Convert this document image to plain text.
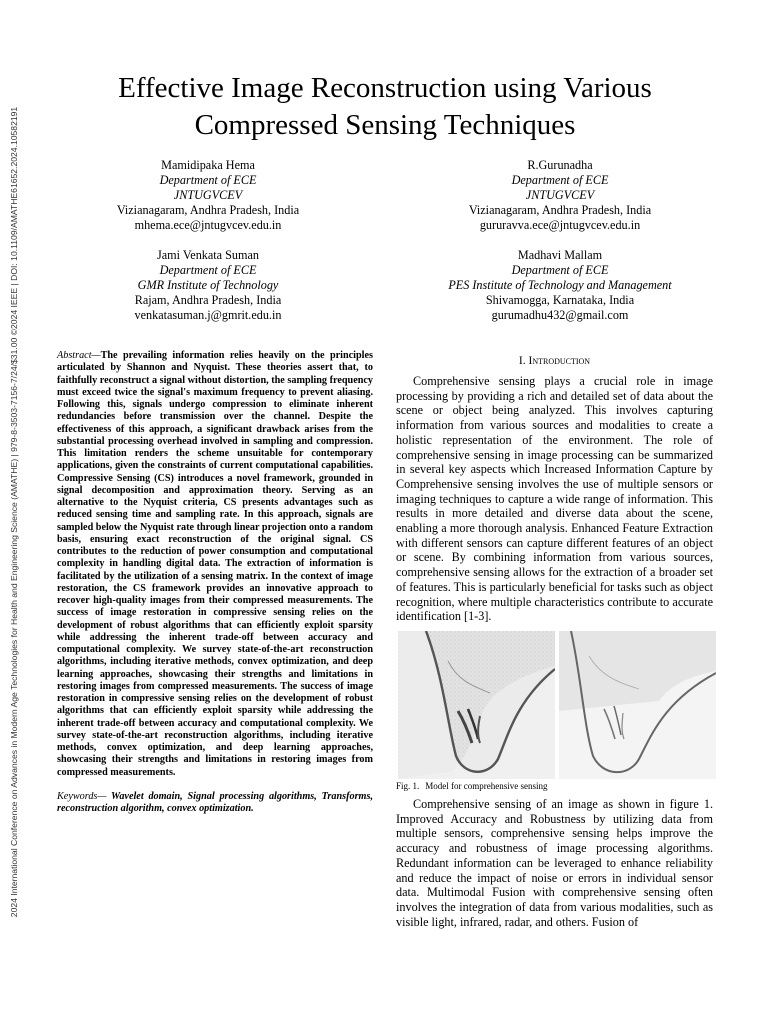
2024 International Conference on Advances in Modern Age Technologies for Health and Engineering Science (AMATHE) | 979-8-3503-7156-7/24/$31.00 ©2024 IEEE | DOI: 10.1109/AMATHE61652.2024.10582191
Effective Image Reconstruction using Various Compressed Sensing Techniques
Mamidipaka Hema
Department of ECE
JNTUGVCEV
Vizianagaram, Andhra Pradesh, India
mhema.ece@jntugvcev.edu.in
R.Gurunadha
Department of ECE
JNTUGVCEV
Vizianagaram, Andhra Pradesh, India
gururavva.ece@jntugvcev.edu.in
Jami Venkata Suman
Department of ECE
GMR Institute of Technology
Rajam, Andhra Pradesh, India
venkatasuman.j@gmrit.edu.in
Madhavi Mallam
Department of ECE
PES Institute of Technology and Management
Shivamogga, Karnataka, India
gurumadhu432@gmail.com

Abstract—The prevailing information relies heavily on the principles articulated by Shannon and Nyquist. These theories assert that, to faithfully reconstruct a signal without distortion, the sampling frequency must exceed twice the signal's maximum frequency to prevent aliasing. Following this, signals undergo compression to eliminate inherent redundancies before transmission over the channel. Despite the effectiveness of this approach, a significant drawback arises from the substantial processing overhead involved in sampling and compression. This limitation renders the scheme unsuitable for contemporary applications, given the constraints of current computational capabilities. Compressive Sensing (CS) introduces a novel framework, grounded in signal decomposition and approximation theory. Serving as an alternative to the Nyquist criteria, CS presents advantages such as reduced sensing time and sampling rate. In this approach, signals are sampled below the Nyquist rate through linear projection onto a random basis, ensuring exact reconstruction of the original signal. CS contributes to the reduction of power consumption and computational complexity in handling digital data. The extraction of information is facilitated by the utilization of a sensing matrix. In the context of image restoration, the CS framework provides an innovative approach to recover high-quality images from their compressed measurements. The success of image restoration in compressive sensing relies on the development of robust algorithms that can efficiently exploit sparsity while addressing the inherent trade-off between accuracy and computational complexity. We survey state-of-the-art reconstruction algorithms, including iterative methods, convex optimization, and deep learning approaches, showcasing their strengths and limitations in restoring images from compressed measurements. The success of image restoration in compressive sensing relies on the development of robust algorithms that can efficiently exploit sparsity while addressing the inherent trade-off between accuracy and computational complexity. We survey state-of-the-art reconstruction algorithms, including iterative methods, convex optimization, and deep learning approaches, showcasing their strengths and limitations in restoring images from compressed measurements.

Keywords— Wavelet domain, Signal processing algorithms, Transforms, reconstruction algorithm, convex optimization.

I. Introduction

Comprehensive sensing plays a crucial role in image processing by providing a rich and detailed set of data about the scene or object being analyzed. This involves capturing information from various sources and modalities to create a holistic representation of the environment. The role of comprehensive sensing in image processing can be summarized in several key aspects which Increased Information Capture by Comprehensive sensing involves the use of multiple sensors or imaging techniques to capture a wide range of information. This results in more detailed and diverse data about the scene, enabling a more thorough analysis. Enhanced Feature Extraction with different sensors can capture different features of an object or scene. By combining information from various sources, comprehensive sensing allows for the extraction of a broader set of features. This is particularly beneficial for tasks such as object recognition, where multiple characteristics contribute to accurate identification [1-3].

Fig. 1. Model for comprehensive sensing

Comprehensive sensing of an image as shown in figure 1. Improved Accuracy and Robustness by utilizing data from multiple sensors, comprehensive sensing helps improve the accuracy and robustness of image processing algorithms. Redundant information can be leveraged to enhance reliability and reduce the impact of noise or errors in individual sensor data. Multimodal Fusion with comprehensive sensing often involves the integration of data from various modalities, such as visible light, infrared, radar, and others. Fusion of
